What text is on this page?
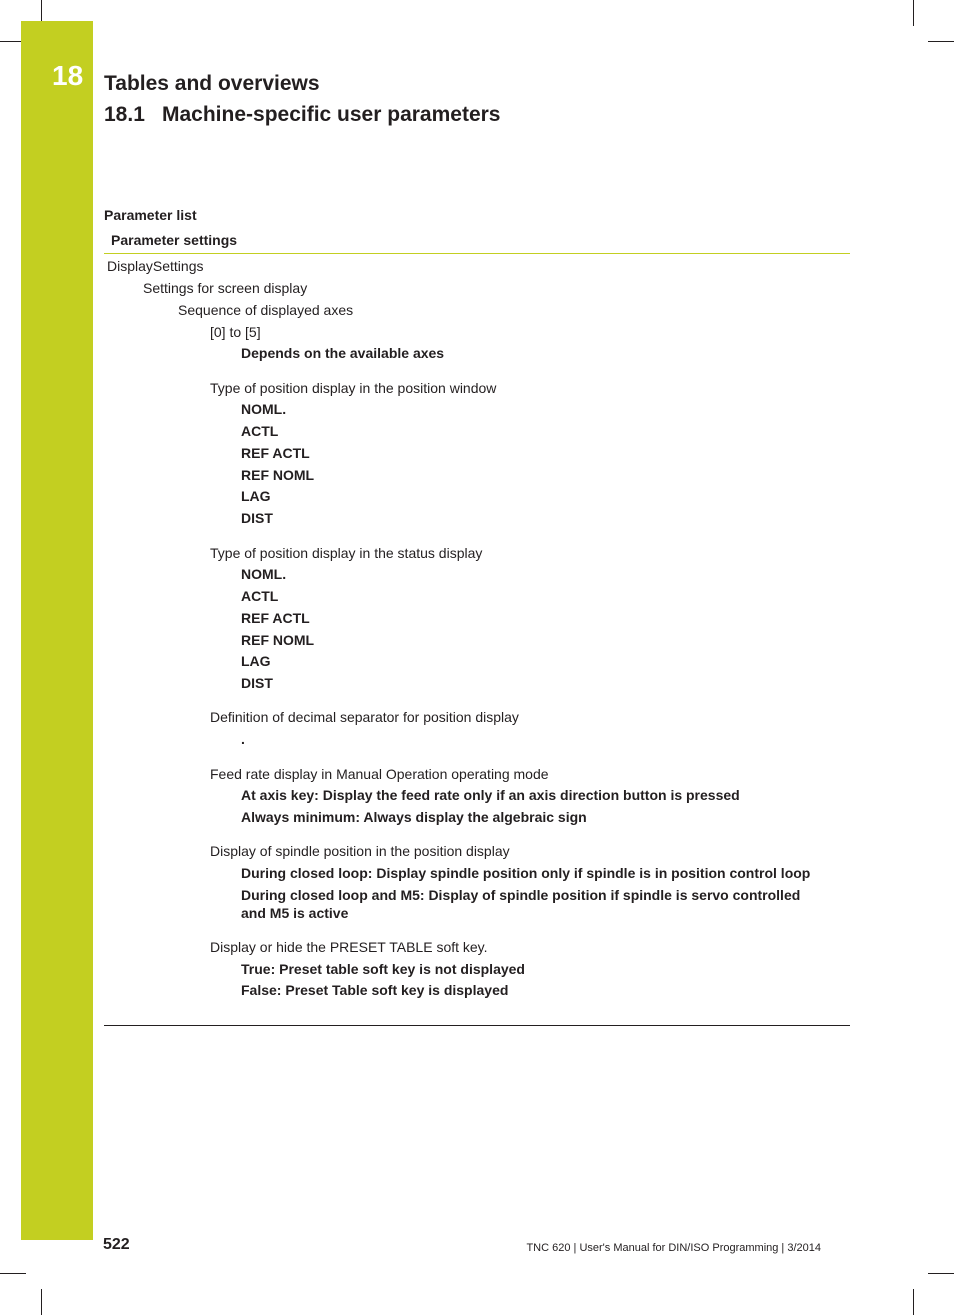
18 Tables and overviews
18.1 Machine-specific user parameters
Parameter list
Parameter settings
DisplaySettings
Settings for screen display
Sequence of displayed axes
[0] to [5]
Depends on the available axes
Type of position display in the position window
NOML.
ACTL
REF ACTL
REF NOML
LAG
DIST
Type of position display in the status display
NOML.
ACTL
REF ACTL
REF NOML
LAG
DIST
Definition of decimal separator for position display
.
Feed rate display in Manual Operation operating mode
At axis key: Display the feed rate only if an axis direction button is pressed
Always minimum: Always display the algebraic sign
Display of spindle position in the position display
During closed loop: Display spindle position only if spindle is in position control loop
During closed loop and M5: Display of spindle position if spindle is servo controlled
and M5 is active
Display or hide the PRESET TABLE soft key.
True: Preset table soft key is not displayed
False: Preset Table soft key is displayed
522	TNC 620 | User's Manual for DIN/ISO Programming | 3/2014
